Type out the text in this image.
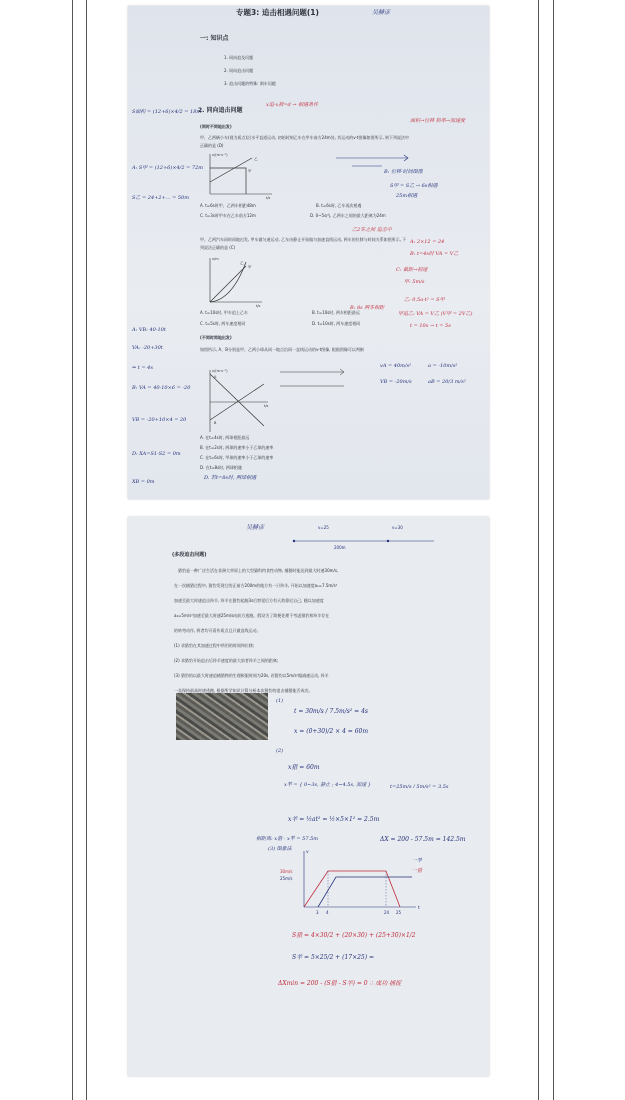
专题3: 追击相遇问题(1)	吴赫彦
一: 知识点
1. 同向追及问题
2. 同向追击问题
3. 追击问题的特殊: 刹车问题
2. 同向追击问题
x追-x被=d → 相遇条件
面积→位移 斜率→加速度
(同时不同地出发)
甲、乙两辆小车(视为质点)沿水平直道运动, 初始时刻乙车在甲车前方24m处, 其运动的v-t图像如图所示, 则下列说法中正确的是 (D)
v/(m·s⁻¹)
t/s
乙
甲
A. t=6s时甲、乙两车相距48m	B. t=6s时, 乙车再次相遇
C. t=3s时甲车在乙车前方12m	D. 0~5s内, 乙两车之间的最大距离为24m
甲、乙两汽车同时同地出发, 甲车做匀速运动, 乙车由静止开始做匀加速直线运动, 两车的位移与时间关系如图所示, 下列说法正确的是 (C)
x/m
t/s
甲
乙
A. t=10s时, 甲车追上乙车	B. t=10s时, 两车相距最远
C. t=5s时, 两车速度相同	D. t=10s时, 两车速度相同
(不同时同地出发)
如图所示, A、B分别是甲、乙两小球从同一地点沿同一直线运动的v-t图像, 根据图像可以判断
v/(m·s⁻¹)
t/s
A
B
A. 在t=4s时, 两球相距最远
B. 在t=2s时, 两球的速率小于乙球的速率
C. 在t=6s时, 甲球的速率小于乙球的速率
D. 在t=8s时, 两球相遇
S面积 = (12+6)×4/2 = 18m
A: S甲 = (12+6)×4/2 = 72m
S乙 = 24+2+... = 50m
A: VB: 40-10t
VA: -20+30t
⇒ t = 4s
B: VA = 40-10×6 = -20
VB = -20+10×4 = 20
D: XA=S1-S2 = 0m
XB = 0m
B: 位移-时间图像
S甲 = S乙 → 6s相遇
25m相遇
vA = 40m/s²	a = -10m/s²
VB = -20m/s	aB = 20/3 m/s²
D. 若t=8s时, 两球相遇
A: 2×12 = 24
B: t=4s时 VA = V乙
C: 截距→初速
甲: 5m/s
乙: 0.5a·t² = S甲
甲追乙: VA = V乙 (V甲 = 2V乙)
t = 10s → t = 5s
乙2车之间 追击中
B: 8s 两车相距
吴赫彦	v=25	v=30
200m
(多段追击问题)
猎豹是一种广泛生活在非洲大草原上的大型猫科肉食性动物, 捕猎时能达到最大时速30m/s,
在一次捕猎过程中, 猎豹发现它的正前方200m的地方有一只羚羊, 开始以加速度a₁=7.5m/s²
加速至最大时速追击羚羊, 羚羊在猎豹起跑3s后察觉后方有天敌靠近自己, 随以加速度
a₂=5m/s²加速至最大时速25m/s向前方逃跑。假设为了简便处理不考虑猎豹和羚羊存在
的转弯动作, 两者均可看作质点且只做直线运动。
(1) 求猎豹在其加速过程中所用的时间和位移;
(2) 求猎豹开始追击后羚羊速度的最大前者羚羊之间的距离;
(3) 猎豹的以最大时速追捕猎物的生理极限时间为20s, 若猎豹以5m/s²做减速运动, 羚羊
一直保持最高时速逃跑, 根据所学知识计算分析本次猎豹的追击捕猎能否成功。
(1)
t = 30m/s / 7.5m/s² = 4s
x = (0+30)/2 × 4 = 60m
(2)
x猎 = 60m
x羊 = { 0~3s, 静止 ; 4~4.5s, 加速 }	t=25m/s / 5m/s² = 3.5s
x羊 = ½at² = ½×5×1² = 2.5m
相距离: x猎 - x羊 = 57.5m	ΔX = 200 - 57.5m = 142.5m
(3) 图象法
v
t
30m/s
25m/s
3 4	24 25
一羊
一猎
S猎 = 4×30/2 + (20×30) + (25+30)×1/2
S羊 = 5×25/2 + (17×25) =
ΔXmin = 200 - (S猎 - S羊) = 0 ∴ 成功 捕捉
